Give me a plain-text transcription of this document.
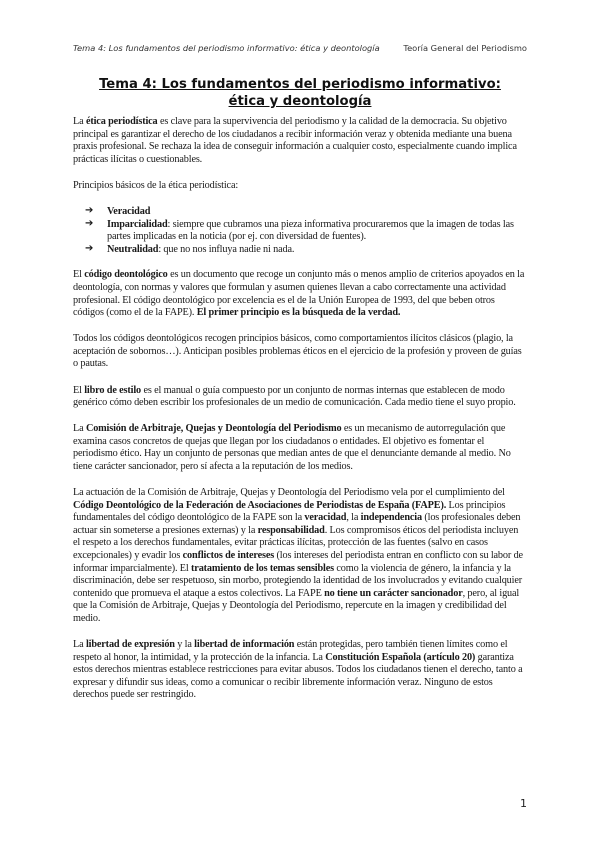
Tema 4: Los fundamentos del periodismo informativo: ética y deontología	Teoría General del Periodismo
Tema 4: Los fundamentos del periodismo informativo: ética y deontología

La ética periodística es clave para la supervivencia del periodismo y la calidad de la democracia. Su objetivo principal es garantizar el derecho de los ciudadanos a recibir información veraz y obtenida mediante una buena praxis profesional. Se rechaza la idea de conseguir información a cualquier costo, especialmente cuando implica prácticas ilícitas o cuestionables.

Principios básicos de la ética periodística:

➔ Veracidad
➔ Imparcialidad: siempre que cubramos una pieza informativa procuraremos que la imagen de todas las partes implicadas en la noticia (por ej. con diversidad de fuentes).
➔ Neutralidad: que no nos influya nadie ni nada.

El código deontológico es un documento que recoge un conjunto más o menos amplio de criterios apoyados en la deontología, con normas y valores que formulan y asumen quienes llevan a cabo correctamente una actividad profesional. El código deontológico por excelencia es el de la Unión Europea de 1993, del que beben otros códigos (como el de la FAPE). El primer principio es la búsqueda de la verdad.

Todos los códigos deontológicos recogen principios básicos, como comportamientos ilícitos clásicos (plagio, la aceptación de sobornos…). Anticipan posibles problemas éticos en el ejercicio de la profesión y proveen de guías o pautas.

El libro de estilo es el manual o guía compuesto por un conjunto de normas internas que establecen de modo genérico cómo deben escribir los profesionales de un medio de comunicación. Cada medio tiene el suyo propio.

La Comisión de Arbitraje, Quejas y Deontología del Periodismo es un mecanismo de autorregulación que examina casos concretos de quejas que llegan por los ciudadanos o entidades. El objetivo es fomentar el periodismo ético. Hay un conjunto de personas que median antes de que el denunciante demande al medio. No tiene carácter sancionador, pero sí afecta a la reputación de los medios.

La actuación de la Comisión de Arbitraje, Quejas y Deontología del Periodismo vela por el cumplimiento del Código Deontológico de la Federación de Asociaciones de Periodistas de España (FAPE). Los principios fundamentales del código deontológico de la FAPE son la veracidad, la independencia (los profesionales deben actuar sin someterse a presiones externas) y la responsabilidad. Los compromisos éticos del periodista incluyen el respeto a los derechos fundamentales, evitar prácticas ilícitas, protección de las fuentes (salvo en casos excepcionales) y evadir los conflictos de intereses (los intereses del periodista entran en conflicto con su labor de informar imparcialmente). El tratamiento de los temas sensibles como la violencia de género, la infancia y la discriminación, debe ser respetuoso, sin morbo, protegiendo la identidad de los involucrados y evitando cualquier contenido que promueva el ataque a estos colectivos. La FAPE no tiene un carácter sancionador, pero, al igual que la Comisión de Arbitraje, Quejas y Deontología del Periodismo, repercute en la imagen y credibilidad del medio.

La libertad de expresión y la libertad de información están protegidas, pero también tienen límites como el respeto al honor, la intimidad, y la protección de la infancia. La Constitución Española (artículo 20) garantiza estos derechos mientras establece restricciones para evitar abusos. Todos los ciudadanos tienen el derecho, tanto a expresar y difundir sus ideas, como a comunicar o recibir libremente información veraz. Ninguno de estos derechos puede ser restringido.

1
